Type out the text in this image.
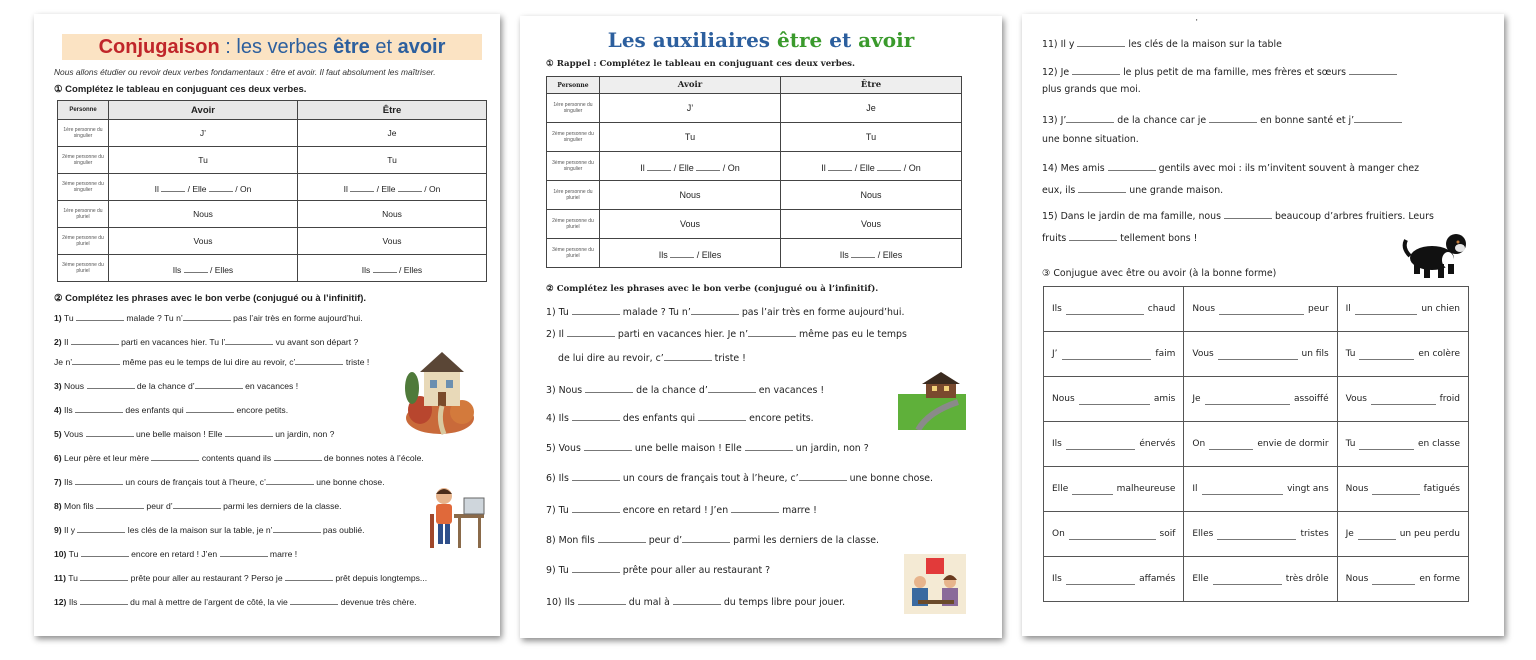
Conjugaison : les verbes être et avoir
Nous allons étudier ou revoir deux verbes fondamentaux : être et avoir. Il faut absolument les maîtriser.
① Complétez le tableau en conjuguant ces deux verbes.
Personne	Avoir	Être
1ère personne du singulier	J’	Je
2ème personne du singulier	Tu	Tu
3ème personne du singulier	Il / Elle / On	Il / Elle / On
1ère personne du pluriel	Nous	Nous
2ème personne du pluriel	Vous	Vous
3ème personne du pluriel	Ils / Elles	Ils / Elles
② Complétez les phrases avec le bon verbe (conjugué ou à l’infinitif).
1) Tu	malade ? Tu n’	pas l’air très en forme aujourd’hui.
2) Il	parti en vacances hier. Tu l’	vu avant son départ ?
Je n’	même pas eu le temps de lui dire au revoir, c’	triste !
3) Nous	de la chance d’	en vacances !
4) Ils	des enfants qui	encore petits.
5) Vous	une belle maison ! Elle	un jardin, non ?
6) Leur père et leur mère	contents quand ils	de bonnes notes à l’école.
7) Ils	un cours de français tout à l’heure, c’	une bonne chose.
8) Mon fils	peur d’	parmi les derniers de la classe.
9) Il y	les clés de la maison sur la table, je n’	pas oublié.
10) Tu	encore en retard ! J’en	marre !
11) Tu	prête pour aller au restaurant ? Perso je	prêt depuis longtemps...
12) Ils	du mal à mettre de l’argent de côté, la vie	devenue très chère.
Les auxiliaires être et avoir
① Rappel : Complétez le tableau en conjuguant ces deux verbes.
Personne	Avoir	Être
1ère personne du singulier	J’	Je
2ème personne du singulier	Tu	Tu
3ème personne du singulier	Il / Elle / On	Il / Elle / On
1ère personne du pluriel	Nous	Nous
2ème personne du pluriel	Vous	Vous
3ème personne du pluriel	Ils / Elles	Ils / Elles
② Complétez les phrases avec le bon verbe (conjugué ou à l’infinitif).
1) Tu	malade ? Tu n’	pas l’air très en forme aujourd’hui.
2) Il	parti en vacances hier. Je n’	même pas eu le temps
de lui dire au revoir, c’	triste !
3) Nous	de la chance d’	en vacances !
4) Ils	des enfants qui	encore petits.
5) Vous	une belle maison ! Elle	un jardin, non ?
6) Ils	un cours de français tout à l’heure, c’	une bonne chose.
7) Tu	encore en retard ! J’en	marre !
8) Mon fils	peur d’	parmi les derniers de la classe.
9) Tu	prête pour aller au restaurant ?
10) Ils	du mal à	du temps libre pour jouer.
'
11) Il y	les clés de la maison sur la table
12) Je	le plus petit de ma famille, mes frères et sœurs
plus grands que moi.
13) J’	de la chance car je	en bonne santé et j’
une bonne situation.
14) Mes amis	gentils avec moi : ils m’invitent souvent à manger chez
eux, ils	une grande maison.
15) Dans le jardin de ma famille, nous	beaucoup d’arbres fruitiers. Leurs
fruits	tellement bons !
③ Conjugue avec être ou avoir (à la bonne forme)
Ils chaud	Nous peur	Il un chien

J’ faim	Vous un fils	Tu en colère

Nous amis	Je assoiffé	Vous froid

Ils énervés	On envie de dormir	Tu en classe

Elle malheureuse	Il vingt ans	Nous fatigués

On soif	Elles tristes	Je un peu perdu

Ils affamés	Elle très drôle	Nous en forme
